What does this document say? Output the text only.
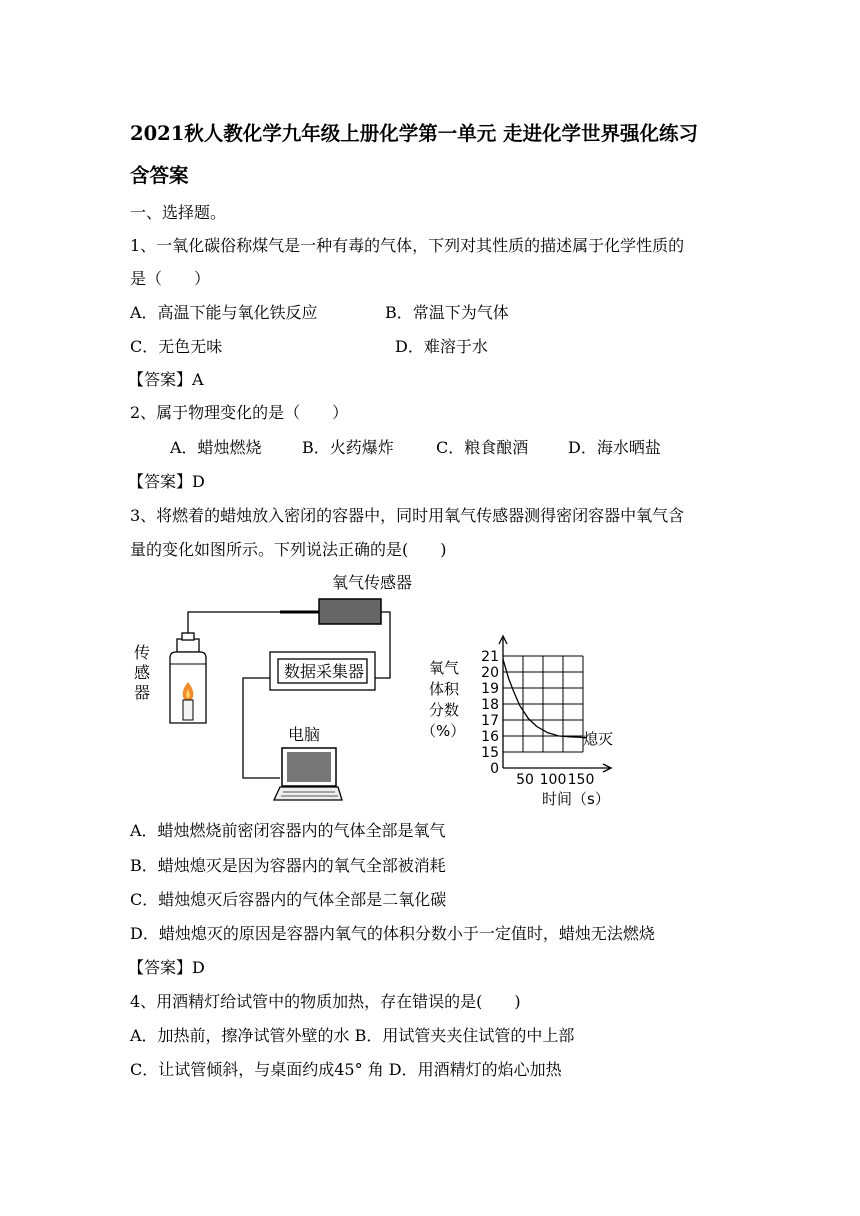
2021秋人教化学九年级上册化学第一单元 走进化学世界强化练习
含答案
一、选择题。
1、一氧化碳俗称煤气是一种有毒的气体，下列对其性质的描述属于化学性质的
是（　　）
A．高温下能与氧化铁反应	B．常温下为气体
C．无色无味	D．难溶于水
【答案】A
2、属于物理变化的是（　　）
A．蜡烛燃烧	B．火药爆炸	C．粮食酿酒 D．海水晒盐
【答案】D
3、将燃着的蜡烛放入密闭的容器中，同时用氧气传感器测得密闭容器中氧气含
量的变化如图所示。下列说法正确的是(　　)
氧气传感器
传
感
器
数据采集器
电脑
氧气
体积
分数
（%）
时间（s）
熄灭
0
15
16
17
18
19
20
21
50 100 150
A．蜡烛燃烧前密闭容器内的气体全部是氧气
B．蜡烛熄灭是因为容器内的氧气全部被消耗
C．蜡烛熄灭后容器内的气体全部是二氧化碳
D．蜡烛熄灭的原因是容器内氧气的体积分数小于一定值时，蜡烛无法燃烧
【答案】D
4、用酒精灯给试管中的物质加热，存在错误的是(　　)
A．加热前，擦净试管外壁的水 B．用试管夹夹住试管的中上部
C．让试管倾斜，与桌面约成45° 角 D．用酒精灯的焰心加热
